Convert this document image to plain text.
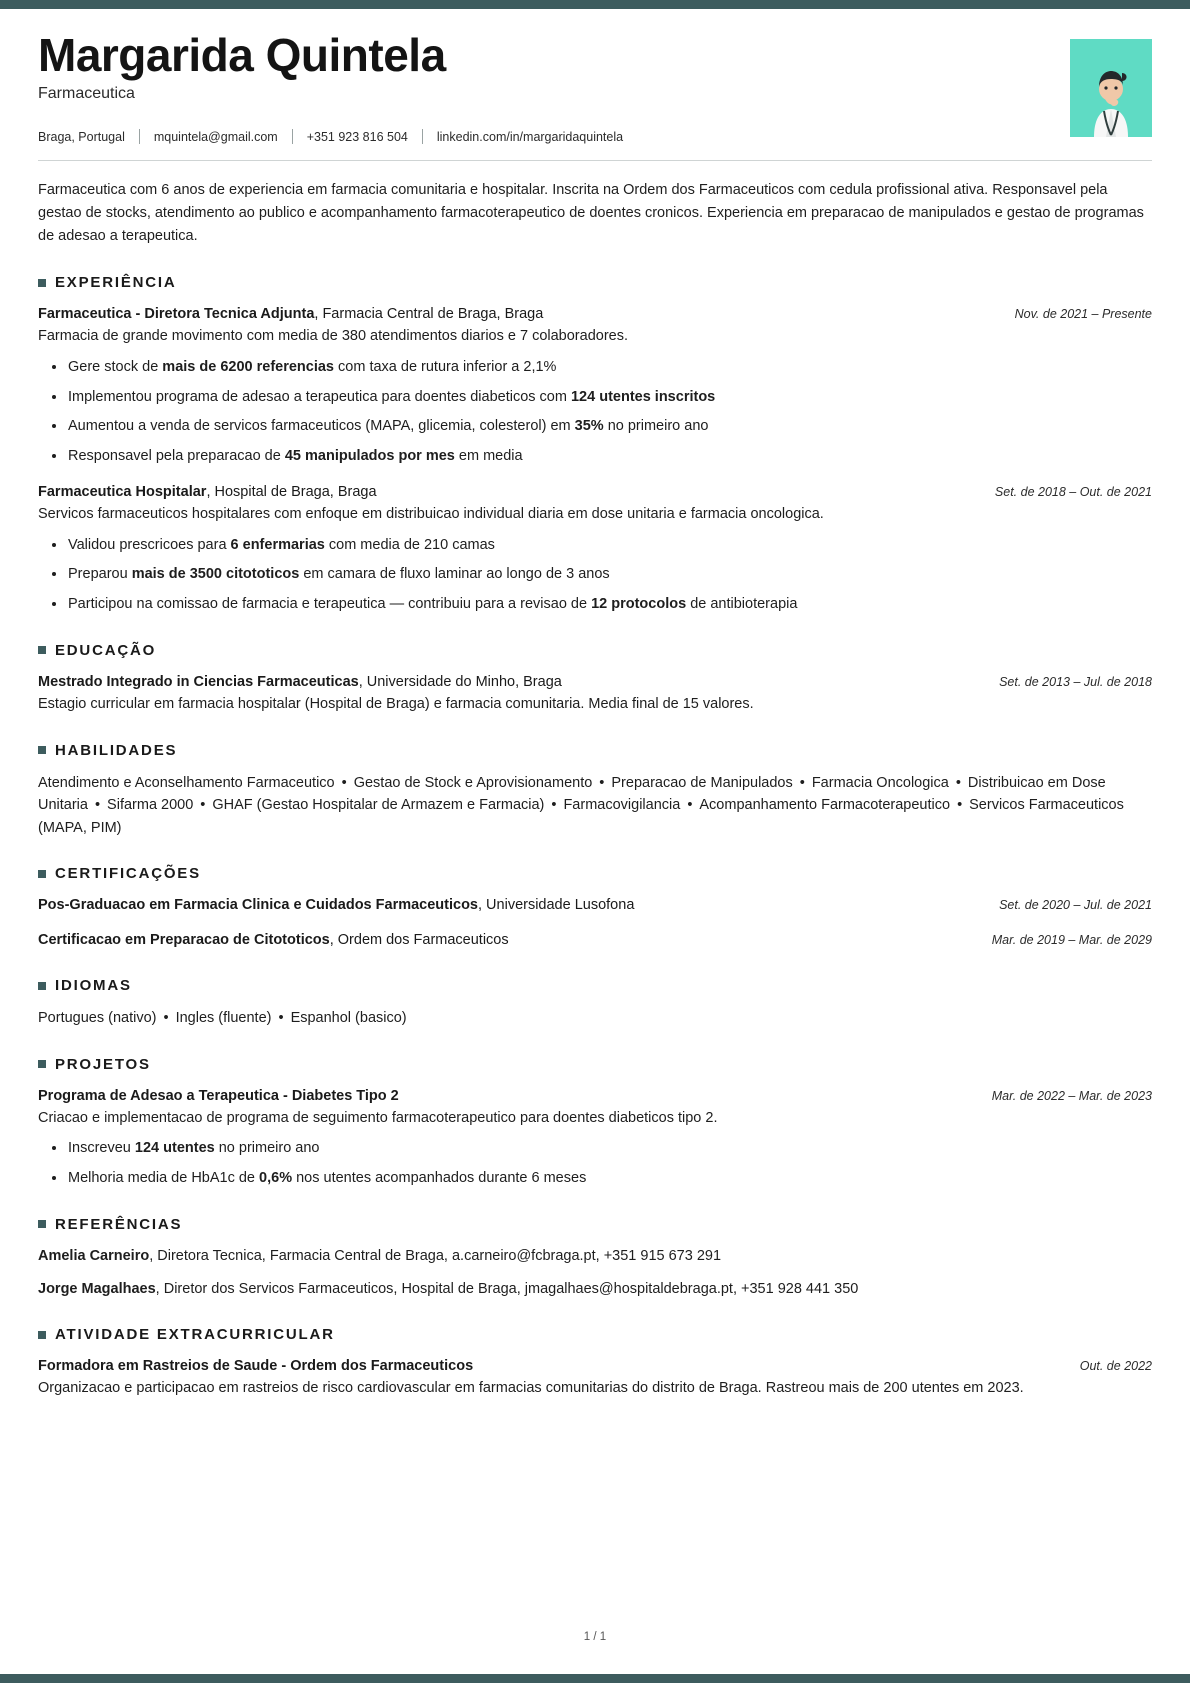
Margarida Quintela
Farmaceutica
Braga, Portugal mquintela@gmail.com +351 923 816 504 linkedin.com/in/margaridaquintela

Farmaceutica com 6 anos de experiencia em farmacia comunitaria e hospitalar. Inscrita na Ordem dos Farmaceuticos com cedula profissional ativa. Responsavel pela gestao de stocks, atendimento ao publico e acompanhamento farmacoterapeutico de doentes cronicos. Experiencia em preparacao de manipulados e gestao de programas de adesao a terapeutica.

EXPERIÊNCIA
Farmaceutica - Diretora Tecnica Adjunta, Farmacia Central de Braga, Braga	Nov. de 2021 – Presente
Farmacia de grande movimento com media de 380 atendimentos diarios e 7 colaboradores.
Gere stock de mais de 6200 referencias com taxa de rutura inferior a 2,1%
Implementou programa de adesao a terapeutica para doentes diabeticos com 124 utentes inscritos
Aumentou a venda de servicos farmaceuticos (MAPA, glicemia, colesterol) em 35% no primeiro ano
Responsavel pela preparacao de 45 manipulados por mes em media
Farmaceutica Hospitalar, Hospital de Braga, Braga	Set. de 2018 – Out. de 2021
Servicos farmaceuticos hospitalares com enfoque em distribuicao individual diaria em dose unitaria e farmacia oncologica.
Validou prescricoes para 6 enfermarias com media de 210 camas
Preparou mais de 3500 citototicos em camara de fluxo laminar ao longo de 3 anos
Participou na comissao de farmacia e terapeutica — contribuiu para a revisao de 12 protocolos de antibioterapia
EDUCAÇÃO
Mestrado Integrado in Ciencias Farmaceuticas, Universidade do Minho, Braga	Set. de 2013 – Jul. de 2018
Estagio curricular em farmacia hospitalar (Hospital de Braga) e farmacia comunitaria. Media final de 15 valores.
HABILIDADES
Atendimento e Aconselhamento Farmaceutico • Gestao de Stock e Aprovisionamento • Preparacao de Manipulados • Farmacia Oncologica • Distribuicao em Dose Unitaria • Sifarma 2000 • GHAF (Gestao Hospitalar de Armazem e Farmacia) • Farmacovigilancia • Acompanhamento Farmacoterapeutico • Servicos Farmaceuticos (MAPA, PIM)
CERTIFICAÇÕES
Pos-Graduacao em Farmacia Clinica e Cuidados Farmaceuticos, Universidade Lusofona	Set. de 2020 – Jul. de 2021
Certificacao em Preparacao de Citototicos, Ordem dos Farmaceuticos	Mar. de 2019 – Mar. de 2029
IDIOMAS
Portugues (nativo) • Ingles (fluente) • Espanhol (basico)
PROJETOS
Programa de Adesao a Terapeutica - Diabetes Tipo 2	Mar. de 2022 – Mar. de 2023
Criacao e implementacao de programa de seguimento farmacoterapeutico para doentes diabeticos tipo 2.
Inscreveu 124 utentes no primeiro ano
Melhoria media de HbA1c de 0,6% nos utentes acompanhados durante 6 meses
REFERÊNCIAS
Amelia Carneiro, Diretora Tecnica, Farmacia Central de Braga, a.carneiro@fcbraga.pt, +351 915 673 291
Jorge Magalhaes, Diretor dos Servicos Farmaceuticos, Hospital de Braga, jmagalhaes@hospitaldebraga.pt, +351 928 441 350
ATIVIDADE EXTRACURRICULAR
Formadora em Rastreios de Saude - Ordem dos Farmaceuticos	Out. de 2022
Organizacao e participacao em rastreios de risco cardiovascular em farmacias comunitarias do distrito de Braga. Rastreou mais de 200 utentes em 2023.
1 / 1
